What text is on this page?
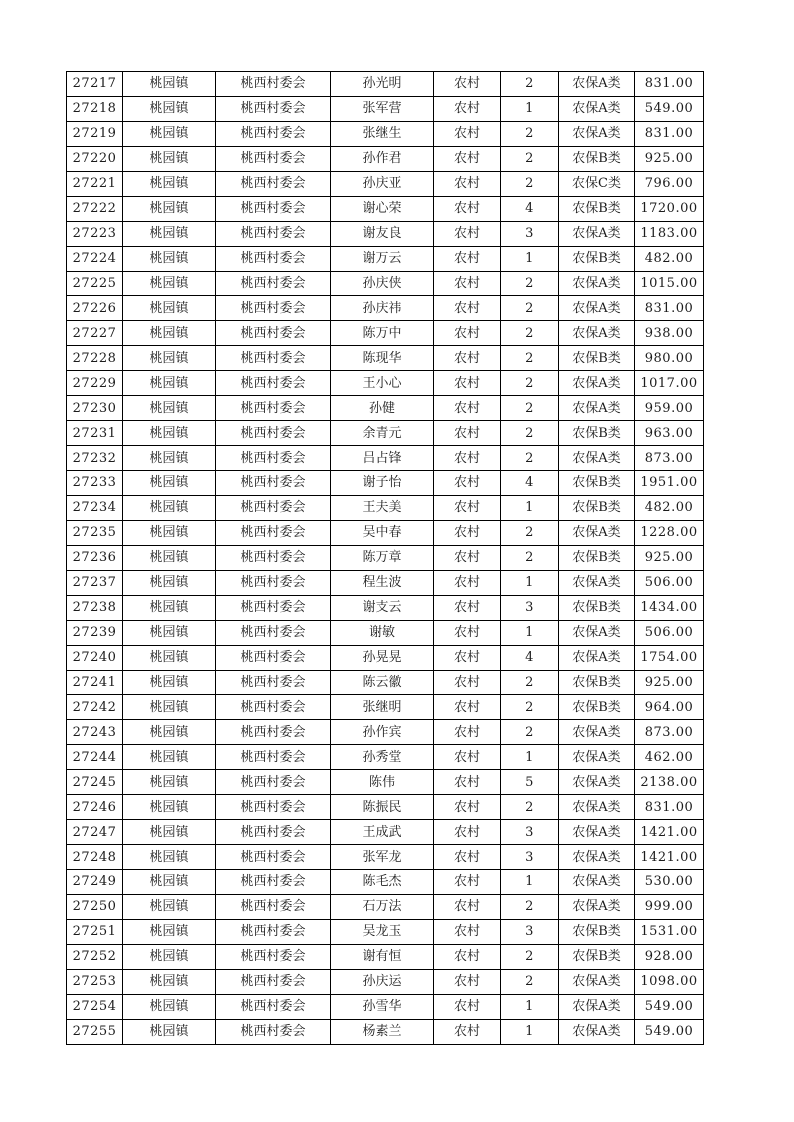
27217	桃园镇	桃西村委会	孙光明	农村	2	农保A类	831.00
27218	桃园镇	桃西村委会	张军营	农村	1	农保A类	549.00
27219	桃园镇	桃西村委会	张继生	农村	2	农保A类	831.00
27220	桃园镇	桃西村委会	孙作君	农村	2	农保B类	925.00
27221	桃园镇	桃西村委会	孙庆亚	农村	2	农保C类	796.00
27222	桃园镇	桃西村委会	谢心荣	农村	4	农保B类	1720.00
27223	桃园镇	桃西村委会	谢友良	农村	3	农保A类	1183.00
27224	桃园镇	桃西村委会	谢万云	农村	1	农保B类	482.00
27225	桃园镇	桃西村委会	孙庆侠	农村	2	农保A类	1015.00
27226	桃园镇	桃西村委会	孙庆祎	农村	2	农保A类	831.00
27227	桃园镇	桃西村委会	陈万中	农村	2	农保A类	938.00
27228	桃园镇	桃西村委会	陈现华	农村	2	农保B类	980.00
27229	桃园镇	桃西村委会	王小心	农村	2	农保A类	1017.00
27230	桃园镇	桃西村委会	孙健	农村	2	农保A类	959.00
27231	桃园镇	桃西村委会	余青元	农村	2	农保B类	963.00
27232	桃园镇	桃西村委会	吕占锋	农村	2	农保A类	873.00
27233	桃园镇	桃西村委会	谢子怡	农村	4	农保B类	1951.00
27234	桃园镇	桃西村委会	王夫美	农村	1	农保B类	482.00
27235	桃园镇	桃西村委会	吴中春	农村	2	农保A类	1228.00
27236	桃园镇	桃西村委会	陈万章	农村	2	农保B类	925.00
27237	桃园镇	桃西村委会	程生波	农村	1	农保A类	506.00
27238	桃园镇	桃西村委会	谢支云	农村	3	农保B类	1434.00
27239	桃园镇	桃西村委会	谢敏	农村	1	农保A类	506.00
27240	桃园镇	桃西村委会	孙晃晃	农村	4	农保A类	1754.00
27241	桃园镇	桃西村委会	陈云徽	农村	2	农保B类	925.00
27242	桃园镇	桃西村委会	张继明	农村	2	农保B类	964.00
27243	桃园镇	桃西村委会	孙作宾	农村	2	农保A类	873.00
27244	桃园镇	桃西村委会	孙秀堂	农村	1	农保A类	462.00
27245	桃园镇	桃西村委会	陈伟	农村	5	农保A类	2138.00
27246	桃园镇	桃西村委会	陈振民	农村	2	农保A类	831.00
27247	桃园镇	桃西村委会	王成武	农村	3	农保A类	1421.00
27248	桃园镇	桃西村委会	张军龙	农村	3	农保A类	1421.00
27249	桃园镇	桃西村委会	陈毛杰	农村	1	农保A类	530.00
27250	桃园镇	桃西村委会	石万法	农村	2	农保A类	999.00
27251	桃园镇	桃西村委会	吴龙玉	农村	3	农保B类	1531.00
27252	桃园镇	桃西村委会	谢有恒	农村	2	农保B类	928.00
27253	桃园镇	桃西村委会	孙庆运	农村	2	农保A类	1098.00
27254	桃园镇	桃西村委会	孙雪华	农村	1	农保A类	549.00
27255	桃园镇	桃西村委会	杨素兰	农村	1	农保A类	549.00
